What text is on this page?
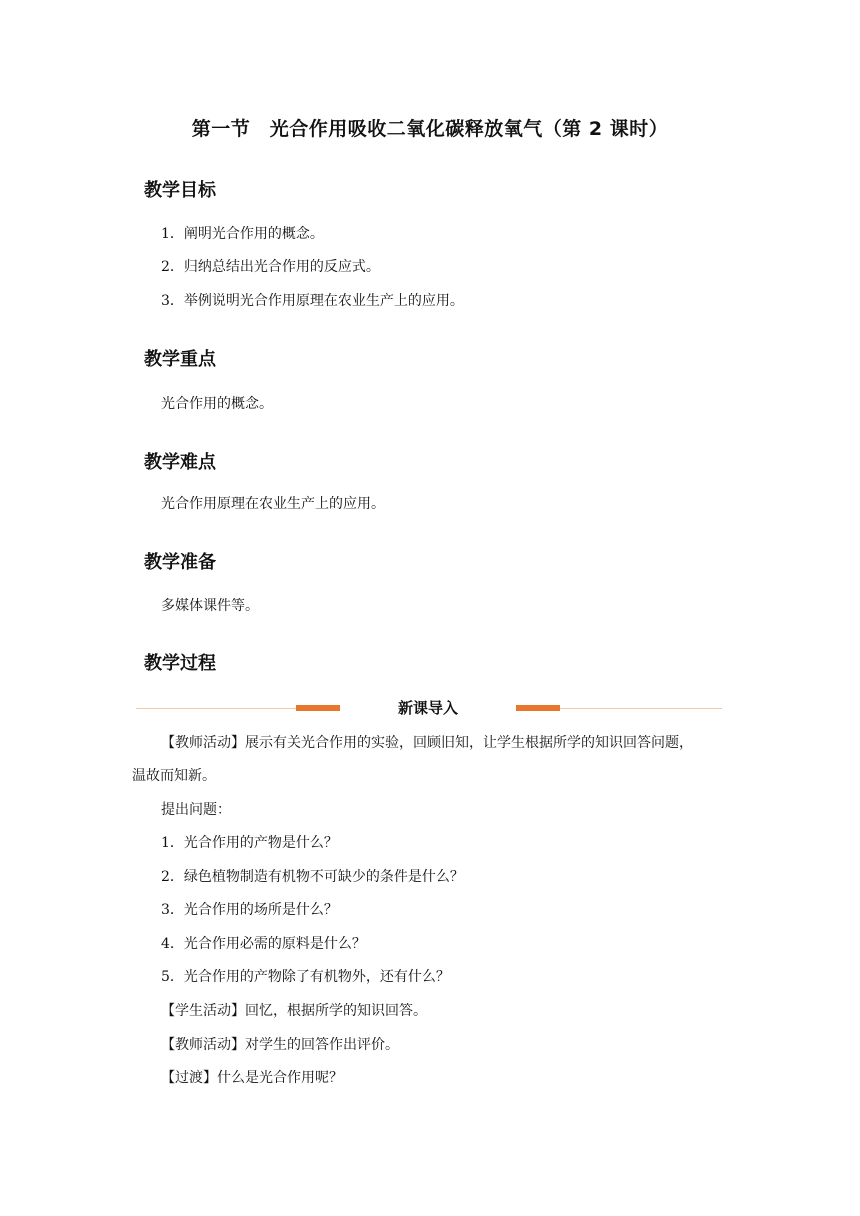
第一节　光合作用吸收二氧化碳释放氧气（第 2 课时）
教学目标
1．阐明光合作用的概念。
2．归纳总结出光合作用的反应式。
3．举例说明光合作用原理在农业生产上的应用。
教学重点
光合作用的概念。
教学难点
光合作用原理在农业生产上的应用。
教学准备
多媒体课件等。
教学过程
新课导入
【教师活动】展示有关光合作用的实验，回顾旧知，让学生根据所学的知识回答问题，
温故而知新。
提出问题：
1．光合作用的产物是什么？
2．绿色植物制造有机物不可缺少的条件是什么？
3．光合作用的场所是什么？
4．光合作用必需的原料是什么？
5．光合作用的产物除了有机物外，还有什么？
【学生活动】回忆，根据所学的知识回答。
【教师活动】对学生的回答作出评价。
【过渡】什么是光合作用呢？
